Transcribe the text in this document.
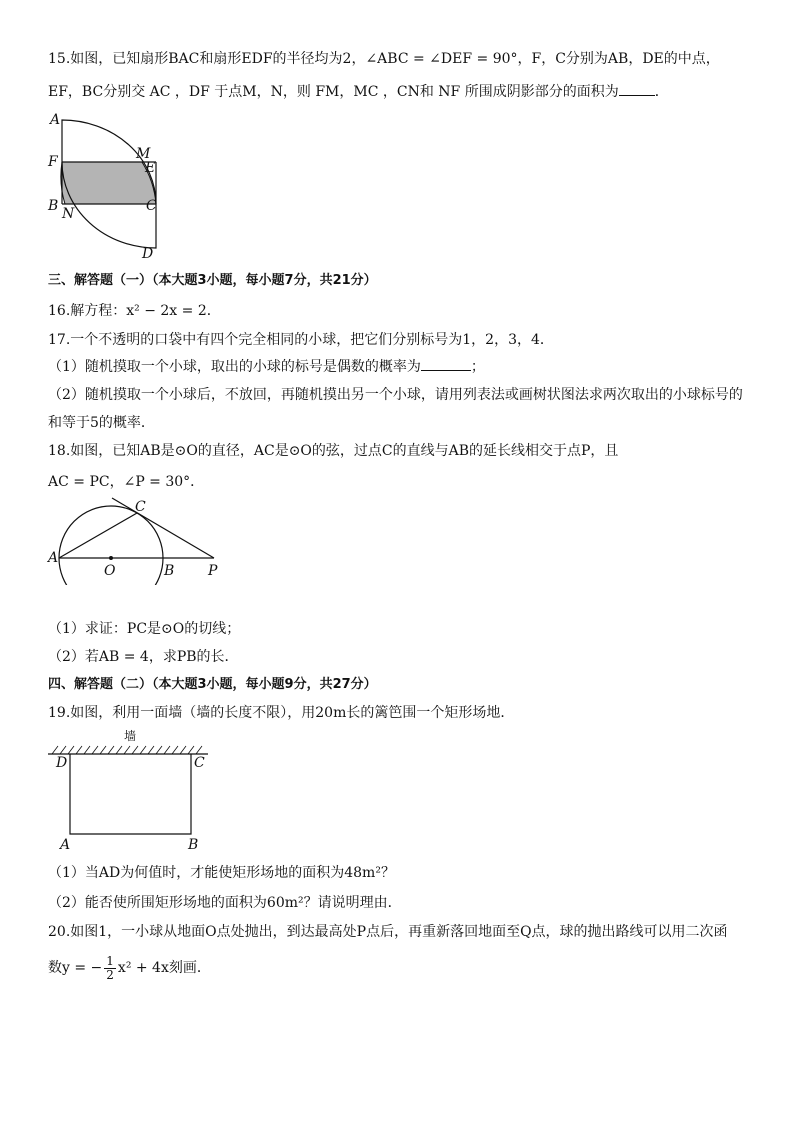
15.如图，已知扇形BAC和扇形EDF的半径均为2，∠ABC = ∠DEF = 90°，F，C分别为AB，DE的中点，
EF，BC分别交 AC ，DF 于点M，N，则 FM，MC ，CN和 NF 所围成阴影部分的面积为	．
A
F
B N
M
E
C
D
三、解答题（一）（本大题3小题，每小题7分，共21分）
16.解方程：x² − 2x = 2．
17.一个不透明的口袋中有四个完全相同的小球，把它们分别标号为1，2，3，4．
（1）随机摸取一个小球，取出的小球的标号是偶数的概率为	；
（2）随机摸取一个小球后，不放回，再随机摸出另一个小球，请用列表法或画树状图法求两次取出的小球标号的
和等于5的概率．
18.如图，已知AB是⊙O的直径，AC是⊙O的弦，过点C的直线与AB的延长线相交于点P，且
AC = PC，∠P = 30°．
A
C
O	B P
（1）求证：PC是⊙O的切线；
（2）若AB = 4，求PB的长．
四、解答题（二）（本大题3小题，每小题9分，共27分）
19.如图，利用一面墙（墙的长度不限），用20m长的篱笆围一个矩形场地．
墙
D	C
A	B
（1）当AD为何值时，才能使矩形场地的面积为48m²？
（2）能否使所围矩形场地的面积为60m²？请说明理由．
20.如图1，一小球从地面O点处抛出，到达最高处P点后，再重新落回地面至Q点，球的抛出路线可以用二次函
数y = − $\frac{1}{2} x^2 + 4x$刻画．
